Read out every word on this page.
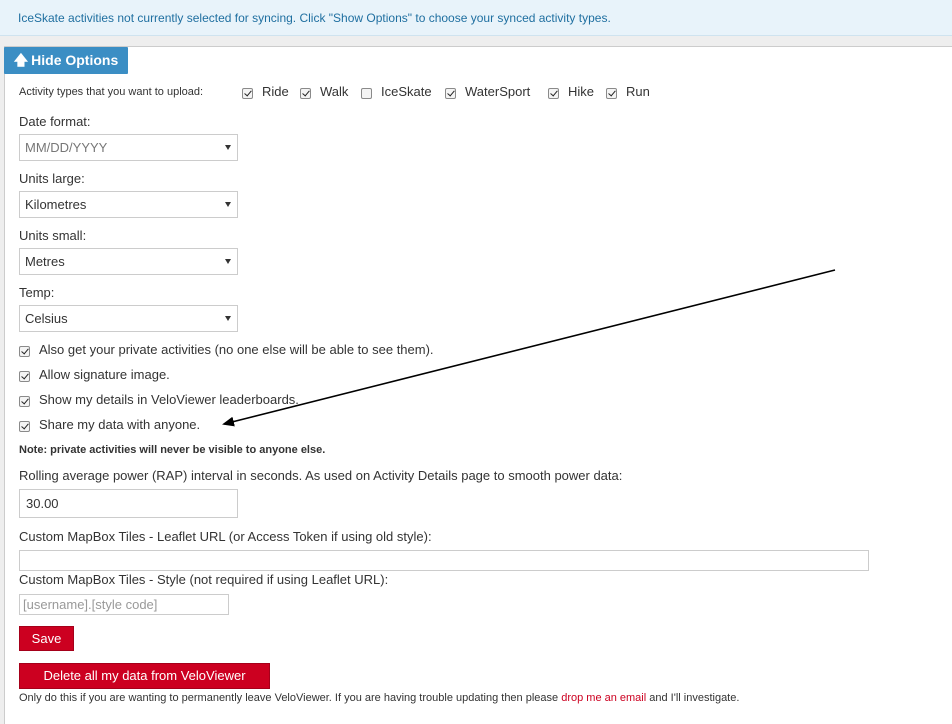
IceSkate activities not currently selected for syncing. Click "Show Options" to choose your synced activity types.
🡅 Hide Options
Activity types that you want to upload:	Ride Walk	IceSkate	WaterSport	Hike Run
Date format:
MM/DD/YYYY
Units large:
Kilometres
Units small:
Metres
Temp:
Celsius
Also get your private activities (no one else will be able to see them).
Allow signature image.
Show my details in VeloViewer leaderboards.
Share my data with anyone.
Note: private activities will never be visible to anyone else.
Rolling average power (RAP) interval in seconds. As used on Activity Details page to smooth power data:
30.00
Custom MapBox Tiles - Leaflet URL (or Access Token if using old style):
Custom MapBox Tiles - Style (not required if using Leaflet URL):
[username].[style code]
Save
Delete all my data from VeloViewer
Only do this if you are wanting to permanently leave VeloViewer. If you are having trouble updating then please drop me an email and I'll investigate.
